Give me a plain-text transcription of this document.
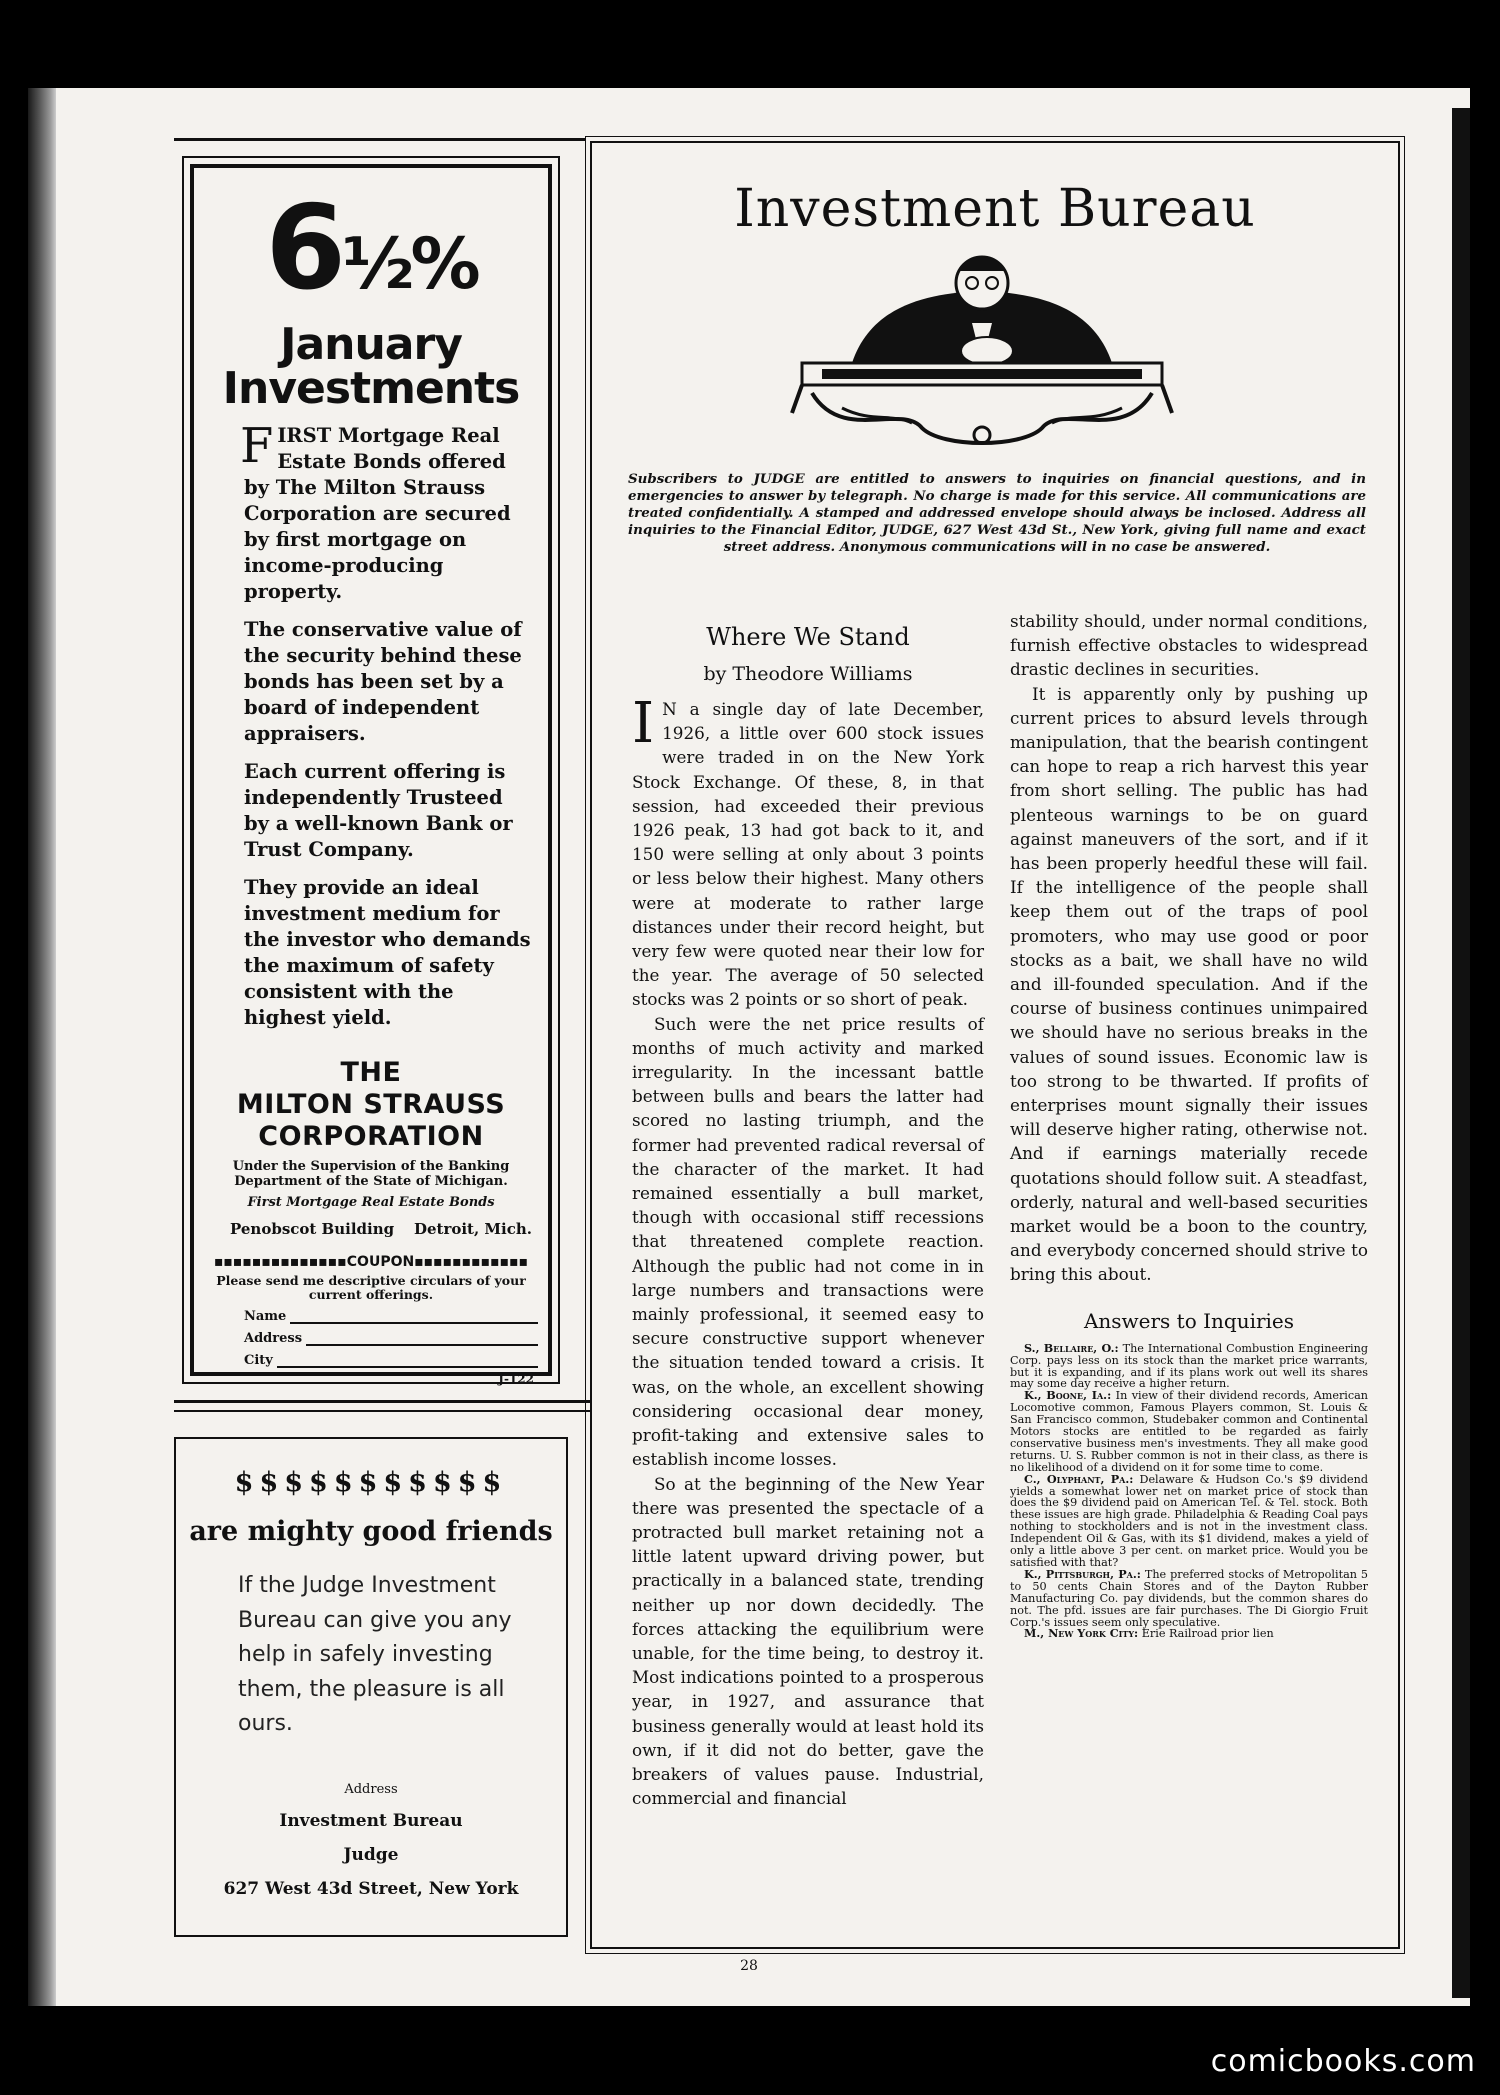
6½%
January
Investments
FIRST Mortgage Real Estate Bonds offered by The Milton Strauss Corporation are secured by first mortgage on income-producing property.
The conservative value of the security behind these bonds has been set by a board of independent appraisers.
Each current offering is independently Trusteed by a well-known Bank or Trust Company.
They provide an ideal investment medium for the investor who demands the maximum of safety consistent with the highest yield.
THE
MILTON STRAUSS
CORPORATION
Under the Supervision of the Banking Department of the State of Michigan.
First Mortgage Real Estate Bonds
Penobscot Building Detroit, Mich.
▪▪▪▪▪▪▪▪▪▪▪▪▪▪COUPON▪▪▪▪▪▪▪▪▪▪▪▪
Please send me descriptive circulars of your current offerings.
Name
Address
City
J-122
$$$$$$$$$$$
are mighty good friends
If the Judge Investment Bureau can give you any help in safely investing them, the pleasure is all ours.
Address
Investment Bureau
Judge
627 West 43d Street, New York
Investment Bureau
Subscribers to JUDGE are entitled to answers to inquiries on financial questions, and in emergencies to answer by telegraph. No charge is made for this service. All communications are treated confidentially. A stamped and addressed envelope should always be inclosed. Address all inquiries to the Financial Editor, JUDGE, 627 West 43d St., New York, giving full name and exact street address. Anonymous communications will in no case be answered.
Where We Stand
by Theodore Williams

I N a single day of late December, 1926, a little over 600 stock issues were traded in on the New York Stock Exchange. Of these, 8, in that session, had exceeded their previous 1926 peak, 13 had got back to it, and 150 were selling at only about 3 points or less below their highest. Many others were at moderate to rather large distances under their record height, but very few were quoted near their low for the year. The average of 50 selected stocks was 2 points or so short of peak.

Such were the net price results of months of much activity and marked irregularity. In the incessant battle between bulls and bears the latter had scored no lasting triumph, and the former had prevented radical reversal of the character of the market. It had remained essentially a bull market, though with occasional stiff recessions that threatened complete reaction. Although the public had not come in in large numbers and transactions were mainly professional, it seemed easy to secure constructive support whenever the situation tended toward a crisis. It was, on the whole, an excellent showing considering occasional dear money, profit-taking and extensive sales to establish income losses.

So at the beginning of the New Year there was presented the spectacle of a protracted bull market retaining not a little latent upward driving power, but practically in a balanced state, trending neither up nor down decidedly. The forces attacking the equilibrium were unable, for the time being, to destroy it. Most indications pointed to a prosperous year, in 1927, and assurance that business generally would at least hold its own, if it did not do better, gave the breakers of values pause. Industrial, commercial and financial

stability should, under normal conditions, furnish effective obstacles to widespread drastic declines in securities.

It is apparently only by pushing up current prices to absurd levels through manipulation, that the bearish contingent can hope to reap a rich harvest this year from short selling. The public has had plenteous warnings to be on guard against maneuvers of the sort, and if it has been properly heedful these will fail. If the intelligence of the people shall keep them out of the traps of pool promoters, who may use good or poor stocks as a bait, we shall have no wild and ill-founded speculation. And if the course of business continues unimpaired we should have no serious breaks in the values of sound issues. Economic law is too strong to be thwarted. If profits of enterprises mount signally their issues will deserve higher rating, otherwise not. And if earnings materially recede quotations should follow suit. A steadfast, orderly, natural and well-based securities market would be a boon to the country, and everybody concerned should strive to bring this about.

Answers to Inquiries

S., Bellaire, O.: The International Combustion Engineering Corp. pays less on its stock than the market price warrants, but it is expanding, and if its plans work out well its shares may some day receive a higher return.

K., Boone, Ia.: In view of their dividend records, American Locomotive common, Famous Players common, St. Louis & San Francisco common, Studebaker common and Continental Motors stocks are entitled to be regarded as fairly conservative business men's investments. They all make good returns. U. S. Rubber common is not in their class, as there is no likelihood of a dividend on it for some time to come.

C., Olyphant, Pa.: Delaware & Hudson Co.'s $9 dividend yields a somewhat lower net on market price of stock than does the $9 dividend paid on American Tel. & Tel. stock. Both these issues are high grade. Philadelphia & Reading Coal pays nothing to stockholders and is not in the investment class. Independent Oil & Gas, with its $1 dividend, makes a yield of only a little above 3 per cent. on market price. Would you be satisfied with that?

K., Pittsburgh, Pa.: The preferred stocks of Metropolitan 5 to 50 cents Chain Stores and of the Dayton Rubber Manufacturing Co. pay dividends, but the common shares do not. The pfd. issues are fair purchases. The Di Giorgio Fruit Corp.'s issues seem only speculative.

M., New York City: Erie Railroad prior lien

28
comicbooks.com
